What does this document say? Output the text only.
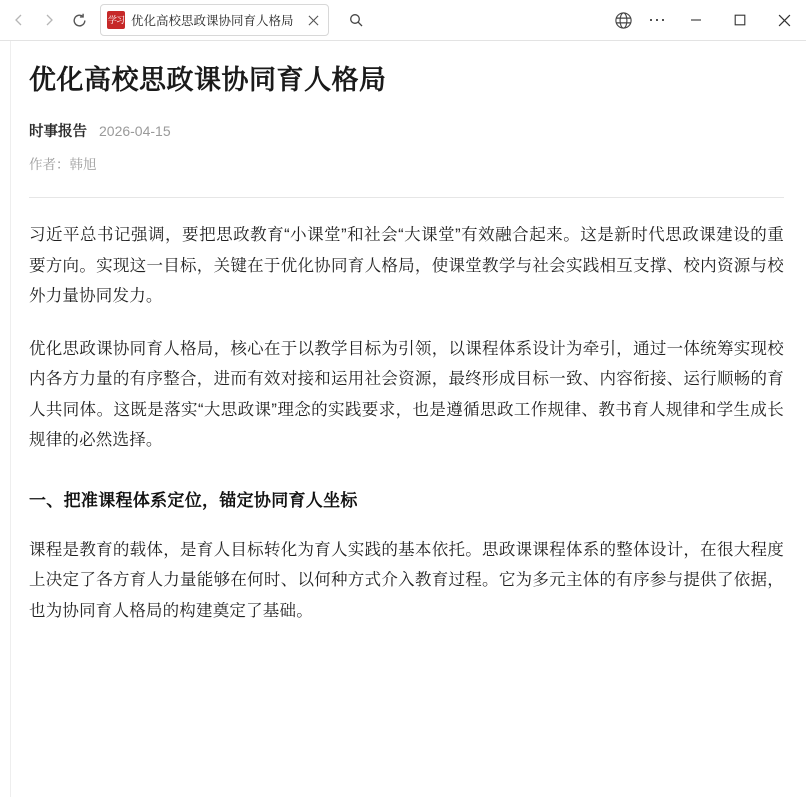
学习 优化高校思政课协同育人格局	⋯
优化高校思政课协同育人格局
时事报告 2026-04-15
作者：韩旭

习近平总书记强调，要把思政教育“小课堂”和社会“大课堂”有效融合起来。这是新时代思政课建设的重要方向。实现这一目标，关键在于优化协同育人格局，使课堂教学与社会实践相互支撑、校内资源与校外力量协同发力。

优化思政课协同育人格局，核心在于以教学目标为引领，以课程体系设计为牵引，通过一体统筹实现校内各方力量的有序整合，进而有效对接和运用社会资源，最终形成目标一致、内容衔接、运行顺畅的育人共同体。这既是落实“大思政课”理念的实践要求，也是遵循思政工作规律、教书育人规律和学生成长规律的必然选择。

一、把准课程体系定位，锚定协同育人坐标

课程是教育的载体，是育人目标转化为育人实践的基本依托。思政课课程体系的整体设计，在很大程度上决定了各方育人力量能够在何时、以何种方式介入教育过程。它为多元主体的有序参与提供了依据，也为协同育人格局的构建奠定了基础。
